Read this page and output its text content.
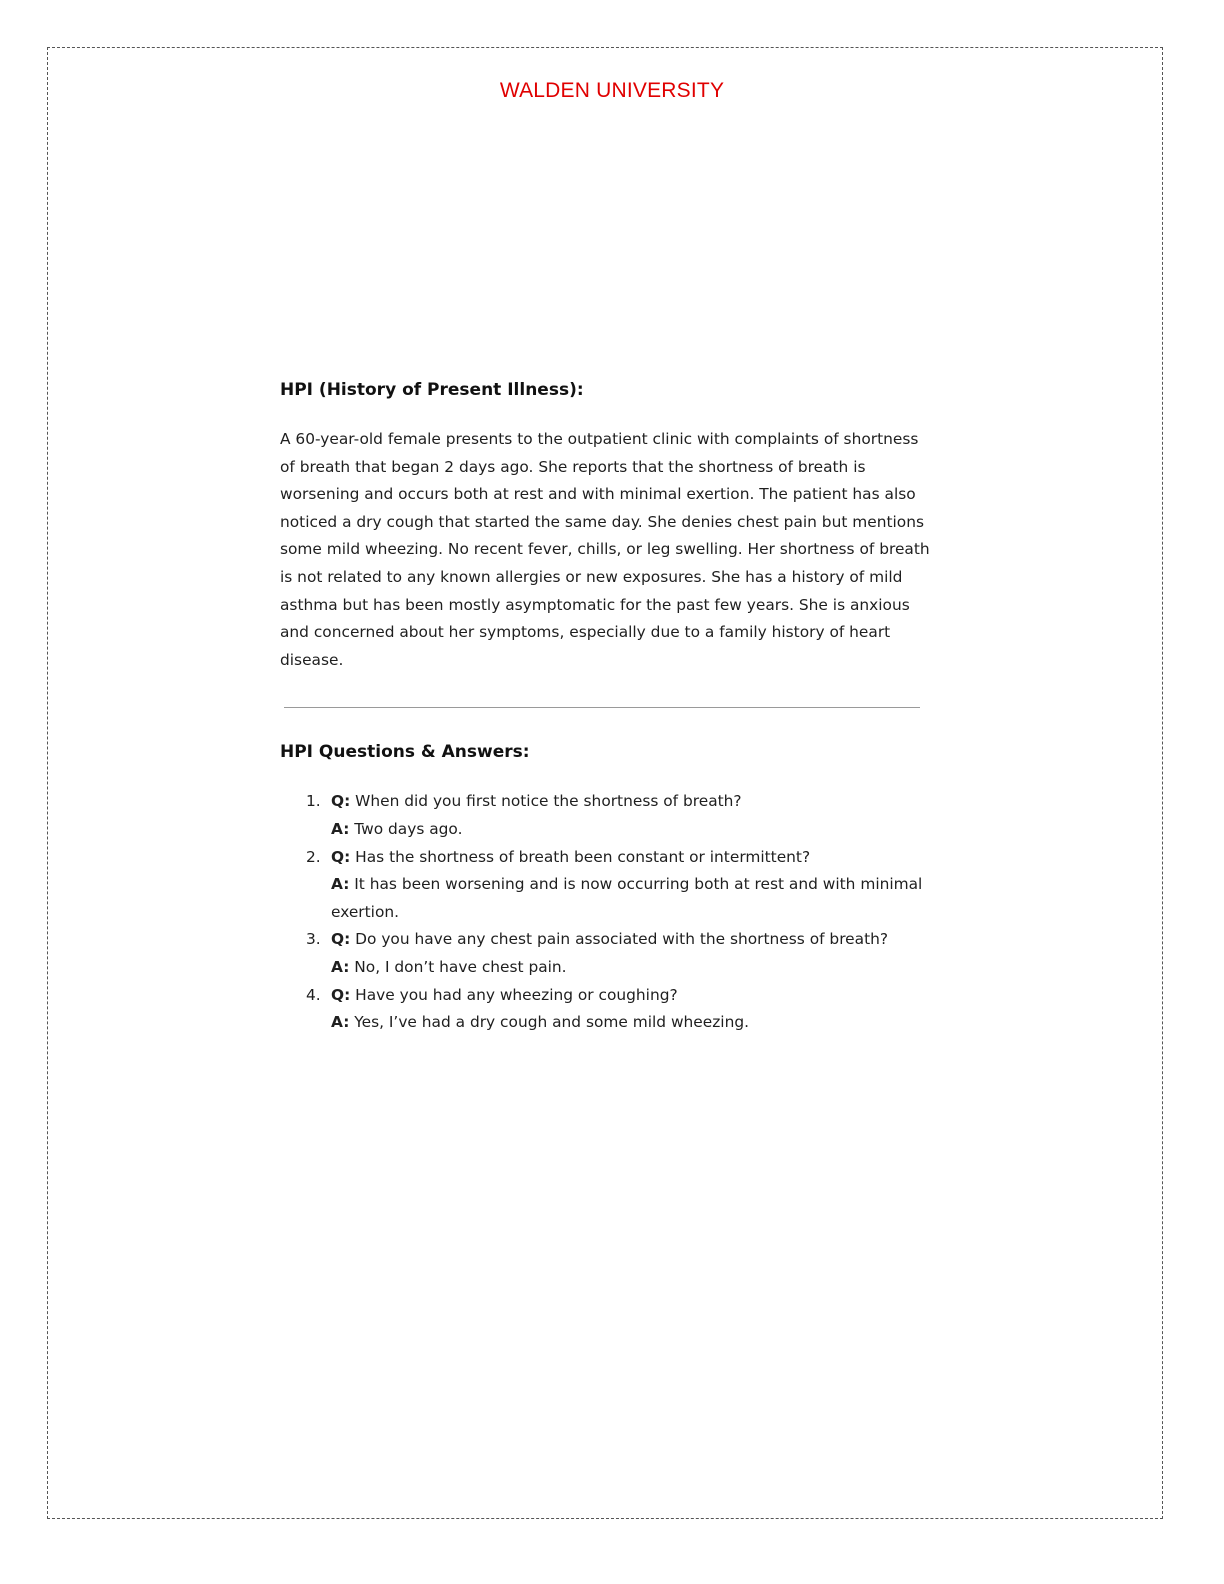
WALDEN UNIVERSITY
HPI (History of Present Illness):

A 60-year-old female presents to the outpatient clinic with complaints of shortness of breath that began 2 days ago. She reports that the shortness of breath is worsening and occurs both at rest and with minimal exertion. The patient has also noticed a dry cough that started the same day. She denies chest pain but mentions some mild wheezing. No recent fever, chills, or leg swelling. Her shortness of breath is not related to any known allergies or new exposures. She has a history of mild asthma but has been mostly asymptomatic for the past few years. She is anxious and concerned about her symptoms, especially due to a family history of heart disease.

HPI Questions & Answers:
1. Q: When did you first notice the shortness of breath?
A: Two days ago.
2. Q: Has the shortness of breath been constant or intermittent?
A: It has been worsening and is now occurring both at rest and with minimal exertion.
3. Q: Do you have any chest pain associated with the shortness of breath?
A: No, I don’t have chest pain.
4. Q: Have you had any wheezing or coughing?
A: Yes, I’ve had a dry cough and some mild wheezing.
